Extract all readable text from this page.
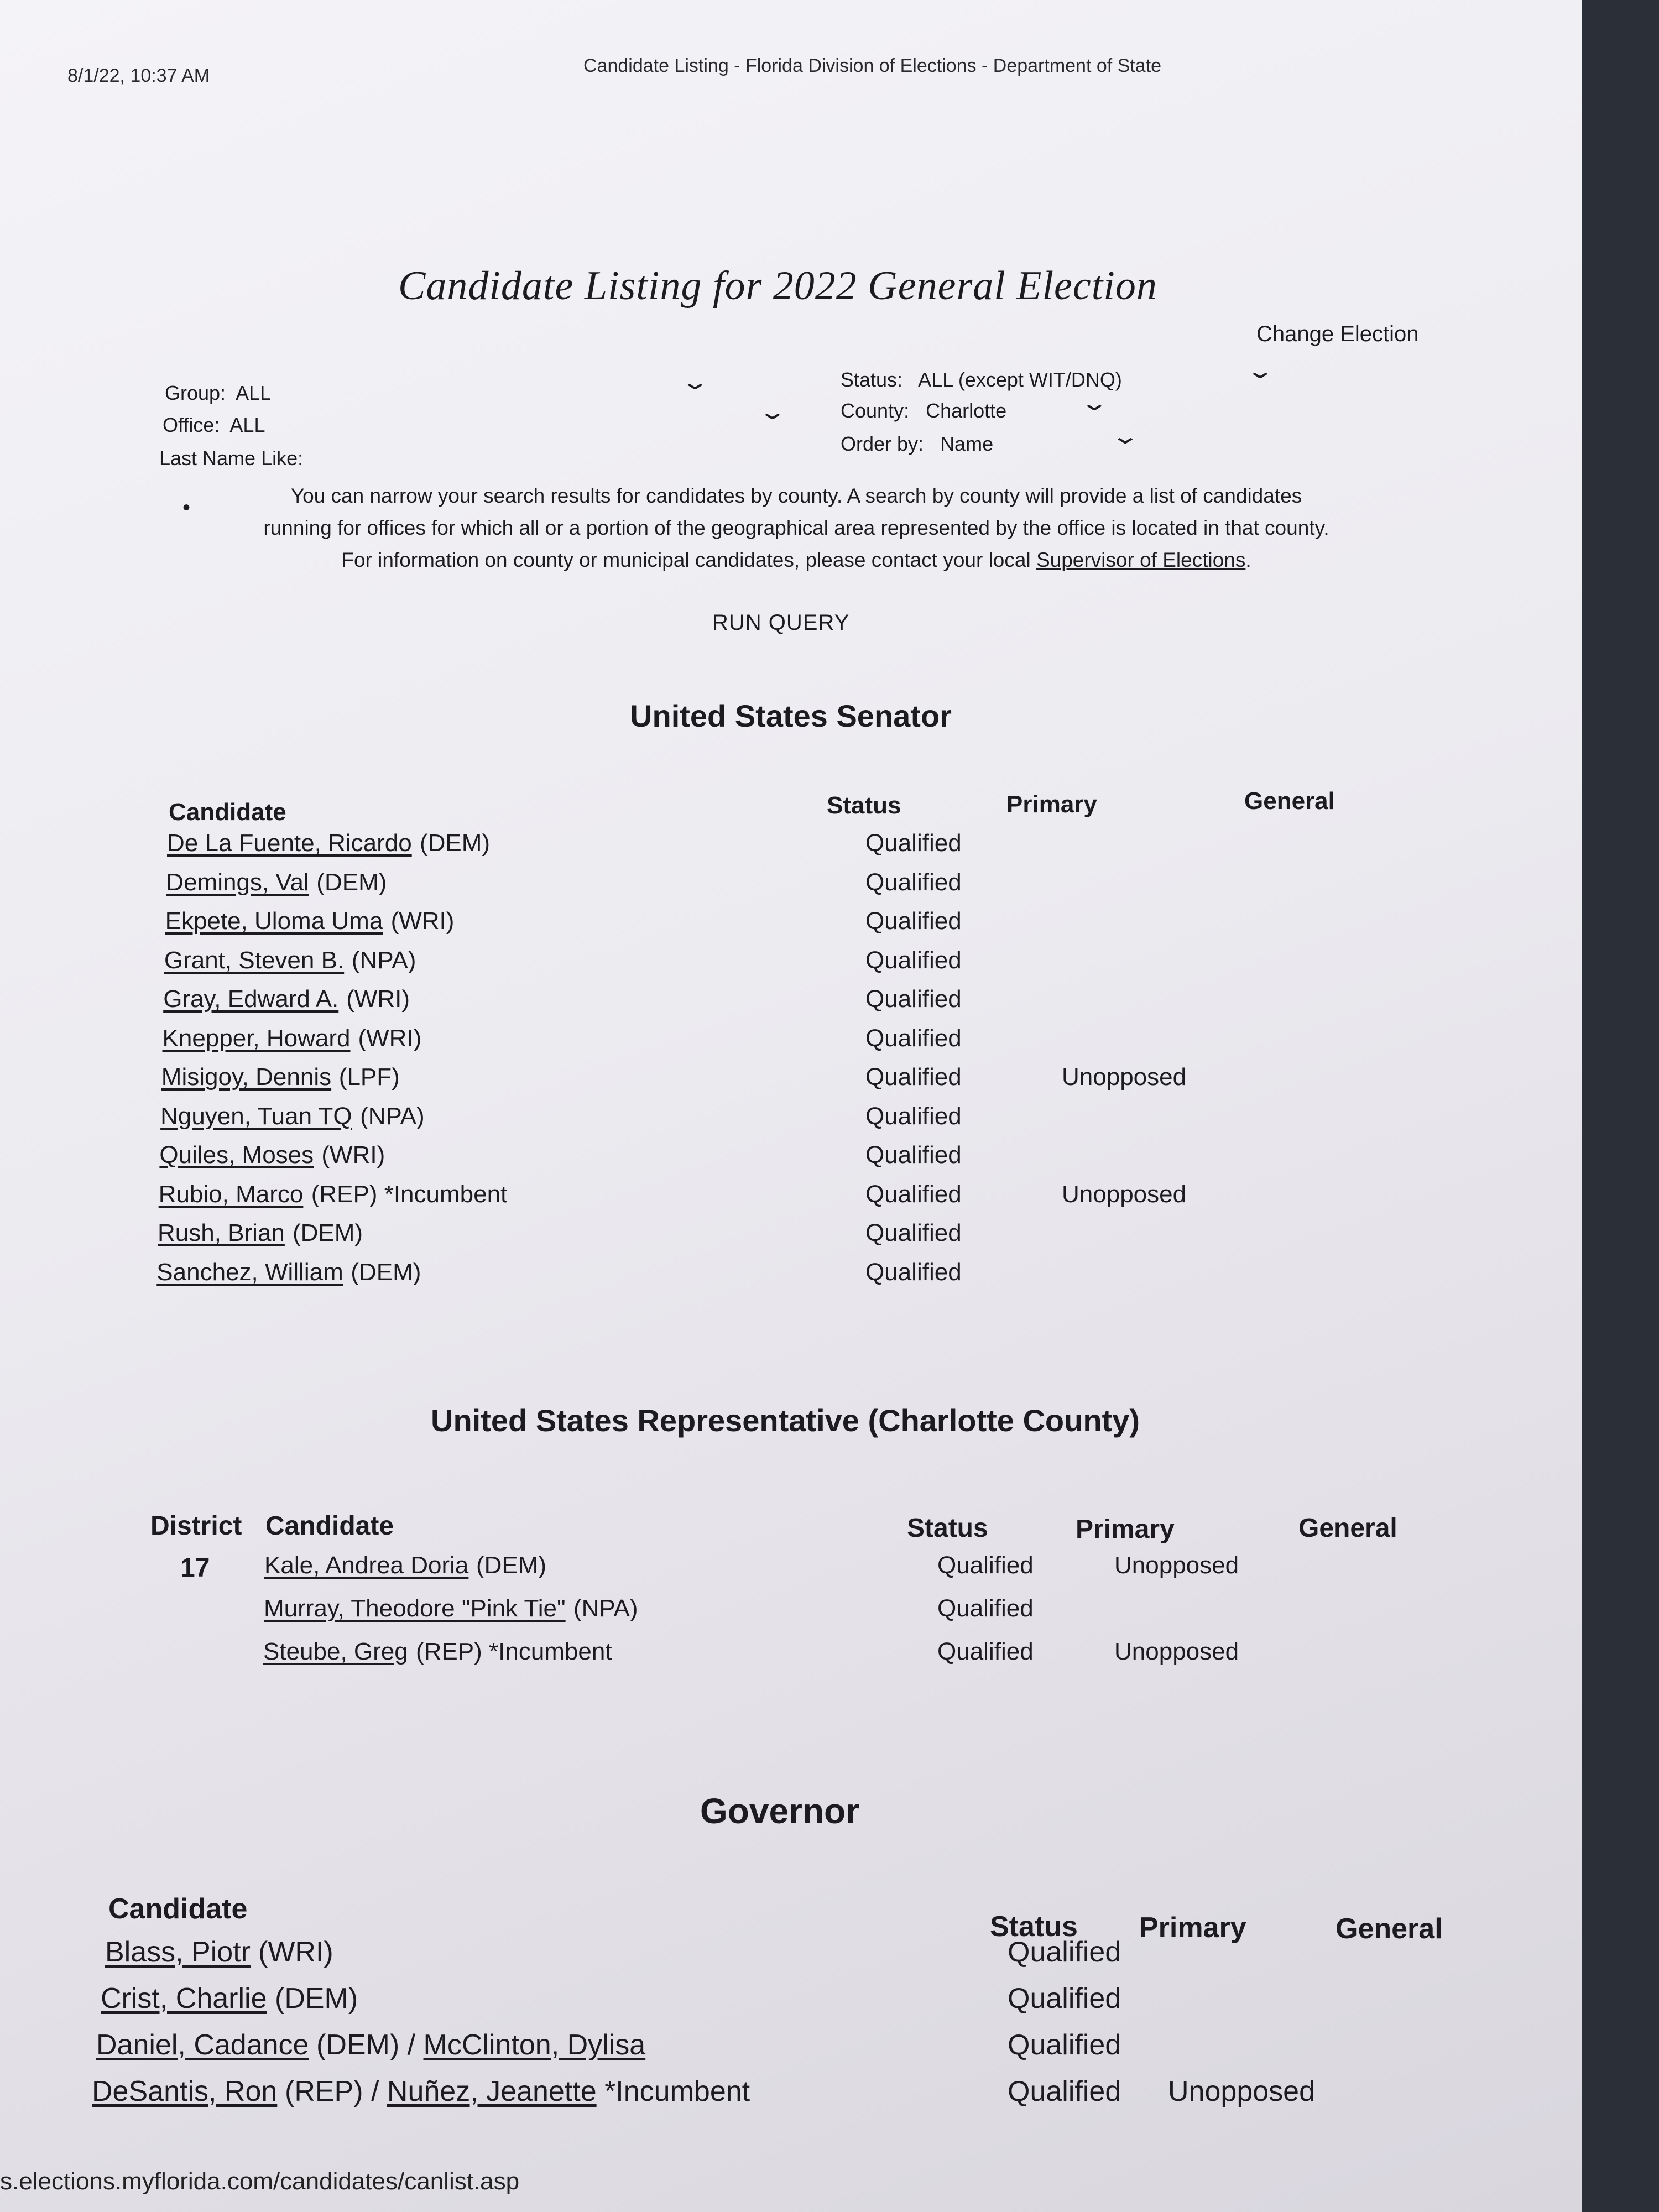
8/1/22, 10:37 AM	Candidate Listing - Florida Division of Elections - Department of State
Candidate Listing for 2022 General Election
Change Election
Group: ALL	⌄
Office: ALL
⌄
Last Name Like:
Status: ALL (except WIT/DNQ)	⌄
County: Charlotte	⌄
Order by: Name	⌄
•	You can narrow your search results for candidates by county. A search by county will provide a list of candidates
running for offices for which all or a portion of the geographical area represented by the office is located in that county.
For information on county or municipal candidates, please contact your local Supervisor of Elections.
RUN QUERY
United States Senator
Candidate	Status	Primary	General
De La Fuente, Ricardo (DEM)	Qualified
Demings, Val (DEM)	Qualified
Ekpete, Uloma Uma (WRI)	Qualified
Grant, Steven B. (NPA)	Qualified
Gray, Edward A. (WRI)	Qualified
Knepper, Howard (WRI)	Qualified
Misigoy, Dennis (LPF)	Qualified	Unopposed
Nguyen, Tuan TQ (NPA)	Qualified
Quiles, Moses (WRI)	Qualified
Rubio, Marco (REP) *Incumbent	Qualified	Unopposed
Rush, Brian (DEM)	Qualified
Sanchez, William (DEM)	Qualified
United States Representative (Charlotte County)
District Candidate	Status	Primary	General
17 Kale, Andrea Doria (DEM)	Qualified	Unopposed
Murray, Theodore "Pink Tie" (NPA)	Qualified
Steube, Greg (REP) *Incumbent	Qualified	Unopposed
Governor
Candidate
Status Primary	General
Blass, Piotr (WRI)	Qualified
Crist, Charlie (DEM)	Qualified
Daniel, Cadance (DEM) / McClinton, Dylisa	Qualified
DeSantis, Ron (REP) / Nuñez, Jeanette *Incumbent	Qualified Unopposed
s.elections.myflorida.com/candidates/canlist.asp
